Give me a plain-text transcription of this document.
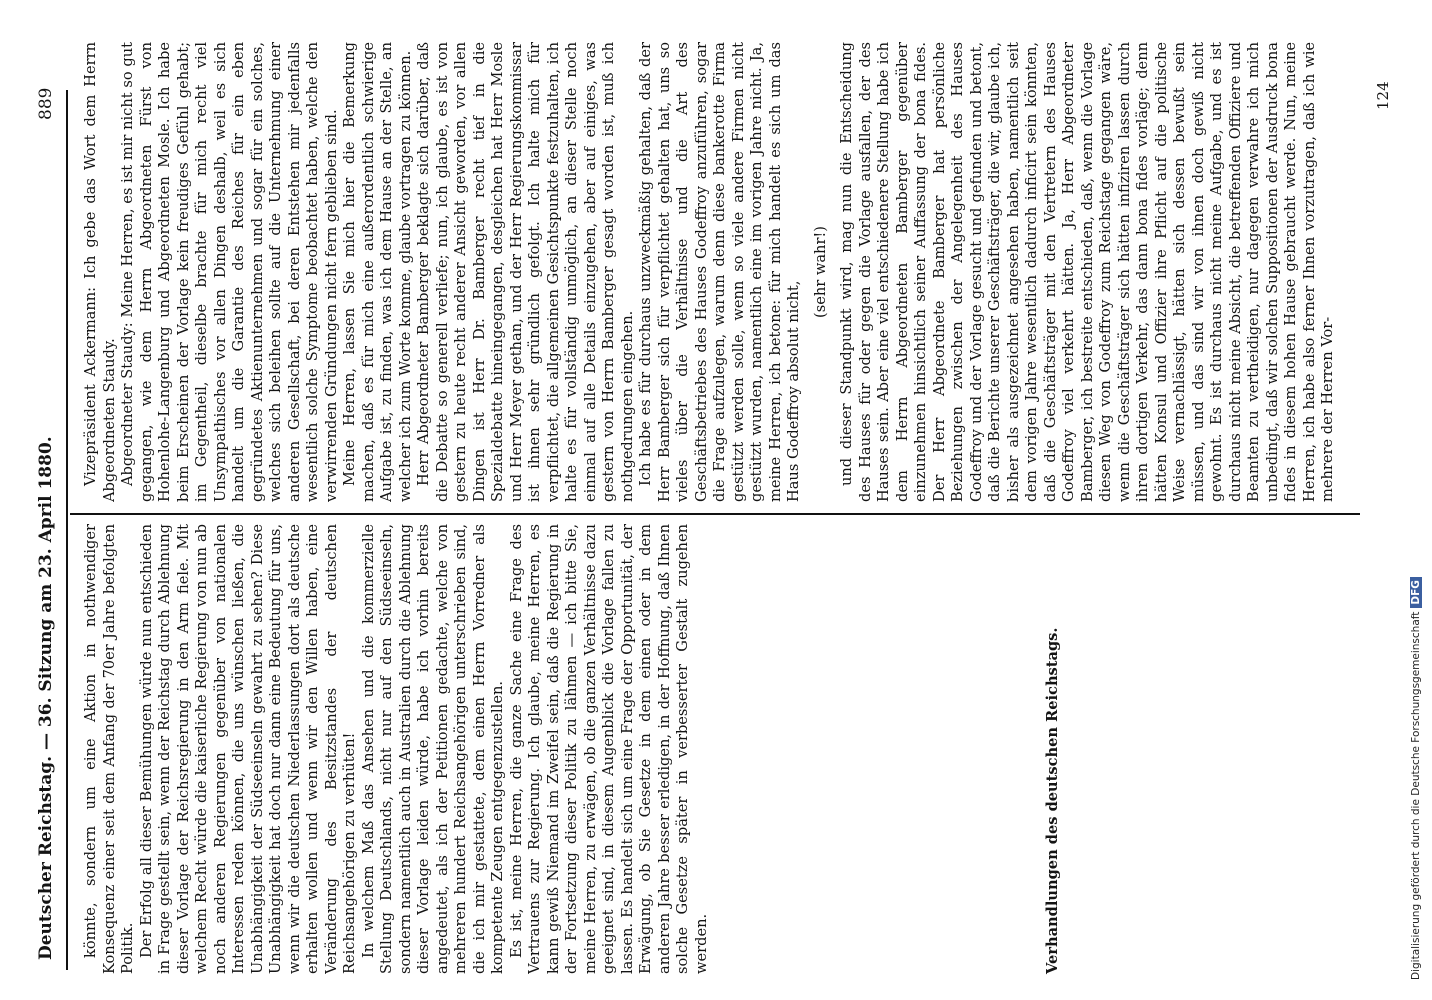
Deutscher Reichstag. — 36. Sitzung am 23. April 1880.
889

könnte, sondern um eine Aktion in nothwendiger Konsequenz einer seit dem Anfang der 70er Jahre befolgten Politik. Der Erfolg all dieser Bemühungen würde nun entschieden in Frage gestellt sein, wenn der Reichstag durch Ablehnung dieser Vorlage der Reichsregierung in den Arm fiele. Mit welchem Recht würde die kaiserliche Regierung von nun ab noch anderen Regierungen gegenüber von nationalen Interessen reden können, die uns wünschen ließen, die Unabhängigkeit der Südseeinseln gewahrt zu sehen? Diese Unabhängigkeit hat doch nur dann eine Bedeutung für uns, wenn wir die deutschen Niederlassungen dort als deutsche erhalten wollen und wenn wir den Willen haben, eine Veränderung des Besitzstandes der deutschen Reichsangehörigen zu verhüten! In welchem Maß das Ansehen und die kommerzielle Stellung Deutschlands, nicht nur auf den Südseeinseln, sondern namentlich auch in Australien durch die Ablehnung dieser Vorlage leiden würde, habe ich vorhin bereits angedeutet, als ich der Petitionen gedachte, welche von mehreren hundert Reichsangehörigen unterschrieben sind, die ich mir gestattete, dem einen Herrn Vorredner als kompetente Zeugen entgegenzustellen. Es ist, meine Herren, die ganze Sache eine Frage des Vertrauens zur Regierung. Ich glaube, meine Herren, es kann gewiß Niemand im Zweifel sein, daß die Regierung in der Fortsetzung dieser Politik zu lähmen — ich bitte Sie, meine Herren, zu erwägen, ob die ganzen Verhältnisse dazu geeignet sind, in diesem Augenblick die Vorlage fallen zu lassen. Es handelt sich um eine Frage der Opportunität, der Erwägung, ob Sie Gesetze in dem einen oder in dem anderen Jahre besser erledigen, in der Hoffnung, daß Ihnen solche Gesetze später in verbesserter Gestalt zugehen werden.	Verhandlungen des deutschen Reichstags.

Vizepräsident Ackermann: Ich gebe das Wort dem Herrn Abgeordneten Staudy. Abgeordneter Staudy: Meine Herren, es ist mir nicht so gut gegangen, wie dem Herrn Abgeordneten Fürst von Hohenlohe-Langenburg und Abgeordneten Mosle. Ich habe beim Erscheinen der Vorlage kein freudiges Gefühl gehabt; im Gegentheil, dieselbe brachte für mich recht viel Unsympathisches vor allen Dingen deshalb, weil es sich handelt um die Garantie des Reiches für ein eben gegründetes Aktienunternehmen und sogar für ein solches, welches sich beleihen sollte auf die Unternehmung einer anderen Gesellschaft, bei deren Entstehen mir jedenfalls wesentlich solche Symptome beobachtet haben, welche den verwirrenden Gründungen nicht fern geblieben sind. Meine Herren, lassen Sie mich hier die Bemerkung machen, daß es für mich eine außerordentlich schwierige Aufgabe ist, zu finden, was ich dem Hause an der Stelle, an welcher ich zum Worte komme, glaube vortragen zu können. Herr Abgeordneter Bamberger beklagte sich darüber, daß die Debatte so generell verliefe; nun, ich glaube, es ist von gestern zu heute recht anderer Ansicht geworden, vor allen Dingen ist Herr Dr. Bamberger recht tief in die Spezialdebatte hineingegangen, desgleichen hat Herr Mosle und Herr Meyer gethan, und der Herr Regierungskommissar ist ihnen sehr gründlich gefolgt. Ich halte mich für verpflichtet, die allgemeinen Gesichtspunkte festzuhalten, ich halte es für vollständig unmöglich, an dieser Stelle noch einmal auf alle Details einzugehen, aber auf einiges, was gestern von Herrn Bamberger gesagt worden ist, muß ich nothgedrungen eingehen. Ich habe es für durchaus unzweckmäßig gehalten, daß der Herr Bamberger sich für verpflichtet gehalten hat, uns so vieles über die Verhältnisse und die Art des Geschäftsbetriebes des Hauses Godeffroy anzuführen, sogar die Frage aufzulegen, warum denn diese bankerotte Firma gestützt werden solle, wenn so viele andere Firmen nicht gestützt wurden, namentlich eine im vorigen Jahre nicht. Ja, meine Herren, ich betone: für mich handelt es sich um das Haus Godeffroy absolut nicht,

(sehr wahr!) und dieser Standpunkt wird, mag nun die Entscheidung des Hauses für oder gegen die Vorlage ausfallen, der des Hauses sein. Aber eine viel entschiedenere Stellung habe ich dem Herrn Abgeordneten Bamberger gegenüber einzunehmen hinsichtlich seiner Auffassung der bona fides. Der Herr Abgeordnete Bamberger hat persönliche Beziehungen zwischen der Angelegenheit des Hauses Godeffroy und der Vorlage gesucht und gefunden und betont, daß die Berichte unserer Geschäftsträger, die wir, glaube ich, bisher als ausgezeichnet angesehen haben, namentlich seit dem vorigen Jahre wesentlich dadurch inficirt sein könnten, daß die Geschäftsträger mit den Vertretern des Hauses Godeffroy viel verkehrt hätten. Ja, Herr Abgeordneter Bamberger, ich bestreite entschieden, daß, wenn die Vorlage diesen Weg von Godeffroy zum Reichstage gegangen wäre, wenn die Geschäftsträger sich hätten infiziren lassen durch ihren dortigen Verkehr, das dann bona fides vorläge; denn hätten Konsul und Offizier ihre Pflicht auf die politische Weise vernachlässigt, hätten sich dessen bewußt sein müssen, und das sind wir von ihnen doch gewiß nicht gewohnt. Es ist durchaus nicht meine Aufgabe, und es ist durchaus nicht meine Absicht, die betreffenden Offiziere und Beamten zu vertheidigen, nur dagegen verwahre ich mich unbedingt, daß wir solchen Suppositionen der Ausdruck bona fides in diesem hohen Hause gebraucht werde. Nun, meine Herren, ich habe also ferner Ihnen vorzutragen, daß ich wie mehrere der Herren Vor-

124
Digitalisierung gefördert durch die Deutsche ForschungsgemeinschaftDFG
